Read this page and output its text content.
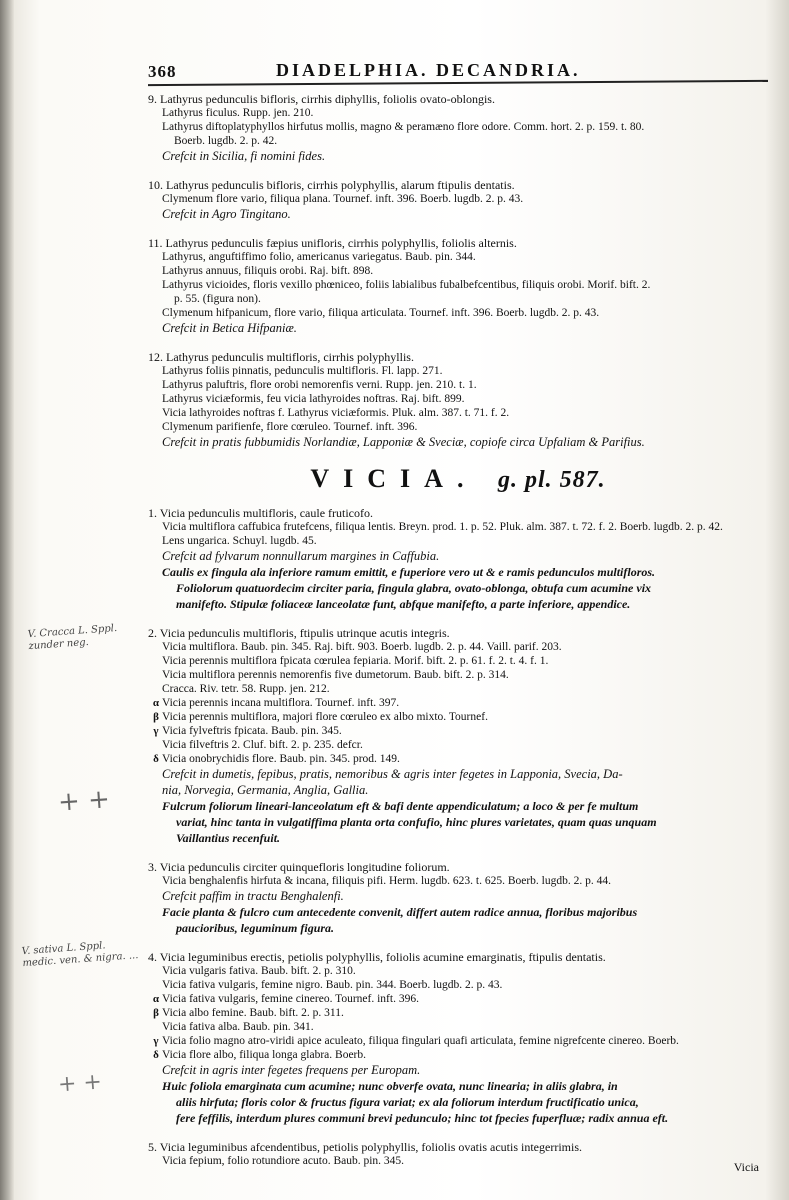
368	DIADELPHIA. DECANDRIA.
9. Lathyrus pedunculis bifloris, cirrhis diphyllis, foliolis ovato-oblongis.
Lathyrus ficulus. Rupp. jen. 210.
Lathyrus diftoplatyphyllos hirfutus mollis, magno & peramæno flore odore. Comm. hort. 2. p. 159. t. 80.
Boerb. lugdb. 2. p. 42.
Crefcit in Sicilia, fi nomini fides.
10. Lathyrus pedunculis bifloris, cirrhis polyphyllis, alarum ftipulis dentatis.
Clymenum flore vario, filiqua plana. Tournef. inft. 396. Boerb. lugdb. 2. p. 43.
Crefcit in Agro Tingitano.
11. Lathyrus pedunculis fæpius unifloris, cirrhis polyphyllis, foliolis alternis.
Lathyrus, anguftiffimo folio, americanus variegatus. Baub. pin. 344.
Lathyrus annuus, filiquis orobi. Raj. bift. 898.
Lathyrus vicioides, floris vexillo phœniceo, foliis labialibus fubalbefcentibus, filiquis orobi. Morif. bift. 2.
p. 55. (figura non).
Clymenum hifpanicum, flore vario, filiqua articulata. Tournef. inft. 396. Boerb. lugdb. 2. p. 43.
Crefcit in Betica Hifpaniæ.
12. Lathyrus pedunculis multifloris, cirrhis polyphyllis.
Lathyrus foliis pinnatis, pedunculis multifloris. Fl. lapp. 271.
Lathyrus paluftris, flore orobi nemorenfis verni. Rupp. jen. 210. t. 1.
Lathyrus viciæformis, feu vicia lathyroides noftras. Raj. bift. 899.
Vicia lathyroides noftras f. Lathyrus viciæformis. Pluk. alm. 387. t. 71. f. 2.
Clymenum parifienfe, flore cœruleo. Tournef. inft. 396.
Crefcit in pratis fubbumidis Norlandiæ, Lapponiæ & Sveciæ, copiofe circa Upfaliam & Parifius.
VICIA. g. pl. 587.
1. Vicia pedunculis multifloris, caule fruticofo.
Vicia multiflora caffubica frutefcens, filiqua lentis. Breyn. prod. 1. p. 52. Pluk. alm. 387. t. 72. f. 2. Boerb. lugdb. 2. p. 42.
Lens ungarica. Schuyl. lugdb. 45.
Crefcit ad fylvarum nonnullarum margines in Caffubia.
Caulis ex fingula ala inferiore ramum emittit, e fuperiore vero ut & e ramis pedunculos multifloros.
Foliolorum quatuordecim circiter paria, fingula glabra, ovato-oblonga, obtufa cum acumine vix
manifefto. Stipulæ foliaceæ lanceolatæ funt, abfque manifefto, a parte inferiore, appendice.
2. Vicia pedunculis multifloris, ftipulis utrinque acutis integris.
Vicia multiflora. Baub. pin. 345. Raj. bift. 903. Boerb. lugdb. 2. p. 44. Vaill. parif. 203.
Vicia perennis multiflora fpicata cœrulea fepiaria. Morif. bift. 2. p. 61. f. 2. t. 4. f. 1.
Vicia multiflora perennis nemorenfis five dumetorum. Baub. bift. 2. p. 314.
Cracca. Riv. tetr. 58. Rupp. jen. 212.
α Vicia perennis incana multiflora. Tournef. inft. 397.
β Vicia perennis multiflora, majori flore cœruleo ex albo mixto. Tournef.
γ Vicia fylveftris fpicata. Baub. pin. 345.
Vicia filveftris 2. Cluf. bift. 2. p. 235. defcr.
δ Vicia onobrychidis flore. Baub. pin. 345. prod. 149.
Crefcit in dumetis, fepibus, pratis, nemoribus & agris inter fegetes in Lapponia, Svecia, Da-
nia, Norvegia, Germania, Anglia, Gallia.
Fulcrum foliorum lineari-lanceolatum eft & bafi dente appendiculatum; a loco & per fe multum
variat, hinc tanta in vulgatiffima planta orta confufio, hinc plures varietates, quam quas unquam
Vaillantius recenfuit.
3. Vicia pedunculis circiter quinquefloris longitudine foliorum.
Vicia benghalenfis hirfuta & incana, filiquis pifi. Herm. lugdb. 623. t. 625. Boerb. lugdb. 2. p. 44.
Crefcit paffim in tractu Benghalenfi.
Facie planta & fulcro cum antecedente convenit, differt autem radice annua, floribus majoribus
paucioribus, leguminum figura.
4. Vicia leguminibus erectis, petiolis polyphyllis, foliolis acumine emarginatis, ftipulis dentatis.
Vicia vulgaris fativa. Baub. bift. 2. p. 310.
Vicia fativa vulgaris, femine nigro. Baub. pin. 344. Boerb. lugdb. 2. p. 43.
α Vicia fativa vulgaris, femine cinereo. Tournef. inft. 396.
β Vicia albo femine. Baub. bift. 2. p. 311.
Vicia fativa alba. Baub. pin. 341.
γ Vicia folio magno atro-viridi apice aculeato, filiqua fingulari quafi articulata, femine nigrefcente cinereo. Boerb.
δ Vicia flore albo, filiqua longa glabra. Boerb.
Crefcit in agris inter fegetes frequens per Europam.
Huic foliola emarginata cum acumine; nunc obverfe ovata, nunc linearia; in aliis glabra, in
aliis hirfuta; floris color & fructus figura variat; ex ala foliorum interdum fructificatio unica,
fere feffilis, interdum plures communi brevi pedunculo; hinc tot fpecies fuperfluæ; radix annua eft.
5. Vicia leguminibus afcendentibus, petiolis polyphyllis, foliolis ovatis acutis integerrimis.
Vicia fepium, folio rotundiore acuto. Baub. pin. 345.
V. Cracca L. Sppl. zunder neg.
+ +
V. sativa L. Sppl. medic. ven. & nigra. ...
+ +
Vicia
